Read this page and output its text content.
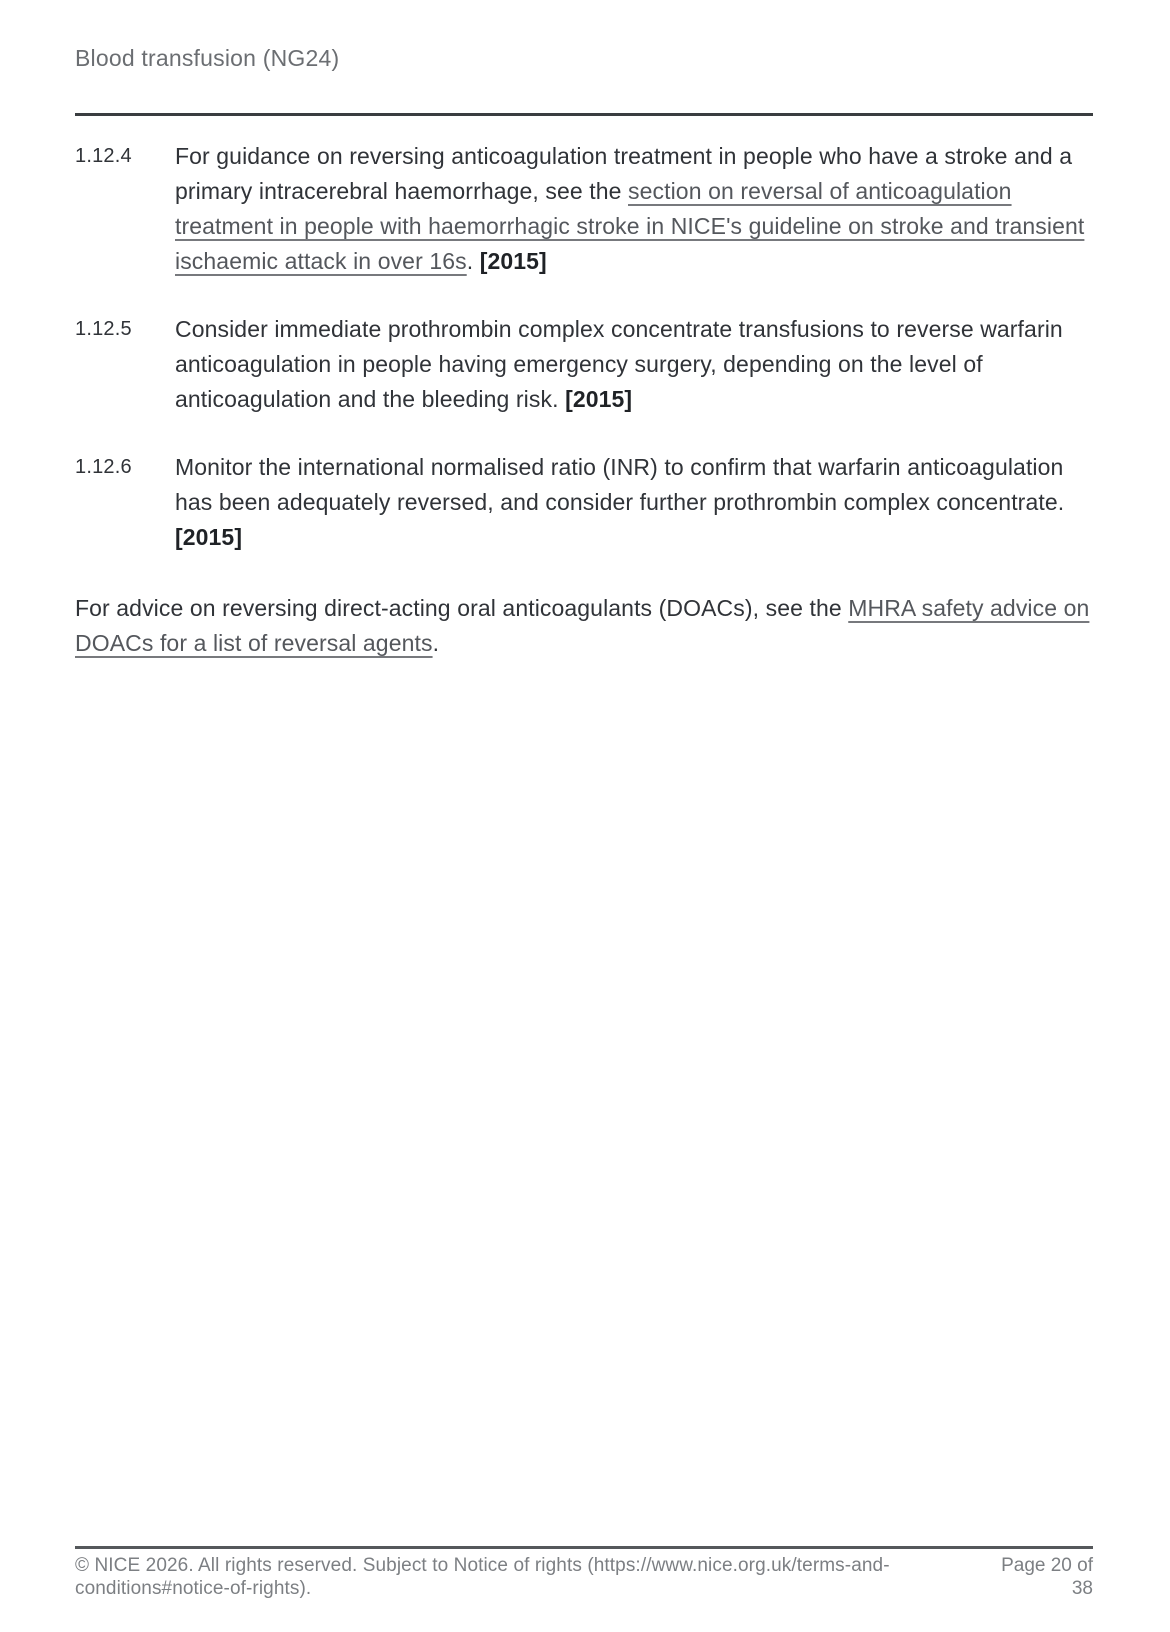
Blood transfusion (NG24)
1.12.4	For guidance on reversing anticoagulation treatment in people who have a stroke and a primary intracerebral haemorrhage, see the section on reversal of anticoagulation treatment in people with haemorrhagic stroke in NICE's guideline on stroke and transient ischaemic attack in over 16s. [2015]
1.12.5	Consider immediate prothrombin complex concentrate transfusions to reverse warfarin anticoagulation in people having emergency surgery, depending on the level of anticoagulation and the bleeding risk. [2015]
1.12.6	Monitor the international normalised ratio (INR) to confirm that warfarin anticoagulation has been adequately reversed, and consider further prothrombin complex concentrate.[2015]

For advice on reversing direct-acting oral anticoagulants (DOACs), see the MHRA safety advice on DOACs for a list of reversal agents.

© NICE 2026. All rights reserved. Subject to Notice of rights (https://www.nice.org.uk/terms-and-conditions#notice-of-rights).
Page 20 of
38
